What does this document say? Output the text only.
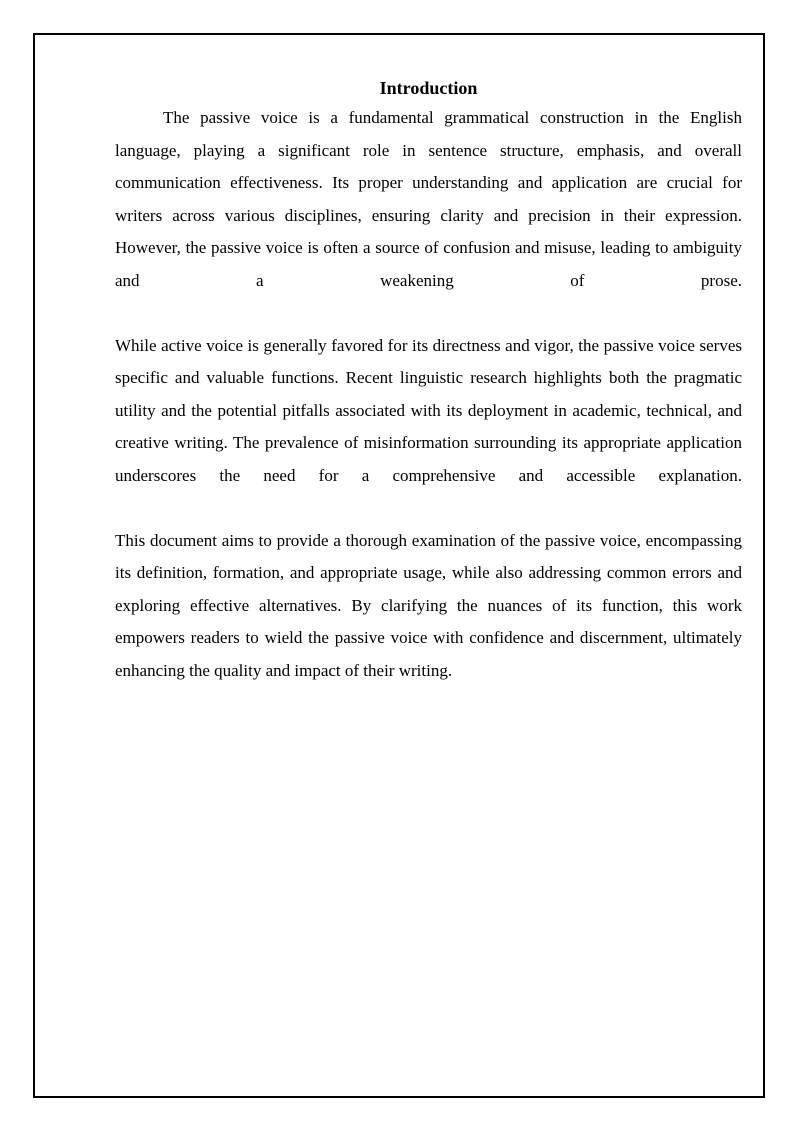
Introduction

The passive voice is a fundamental grammatical construction in the English language, playing a significant role in sentence structure, emphasis, and overall communication effectiveness. Its proper understanding and application are crucial for writers across various disciplines, ensuring clarity and precision in their expression. However, the passive voice is often a source of confusion and misuse, leading to ambiguity and a weakening of prose.

While active voice is generally favored for its directness and vigor, the passive voice serves specific and valuable functions. Recent linguistic research highlights both the pragmatic utility and the potential pitfalls associated with its deployment in academic, technical, and creative writing. The prevalence of misinformation surrounding its appropriate application underscores the need for a comprehensive and accessible explanation.

This document aims to provide a thorough examination of the passive voice, encompassing its definition, formation, and appropriate usage, while also addressing common errors and exploring effective alternatives. By clarifying the nuances of its function, this work empowers readers to wield the passive voice with confidence and discernment, ultimately enhancing the quality and impact of their writing.
